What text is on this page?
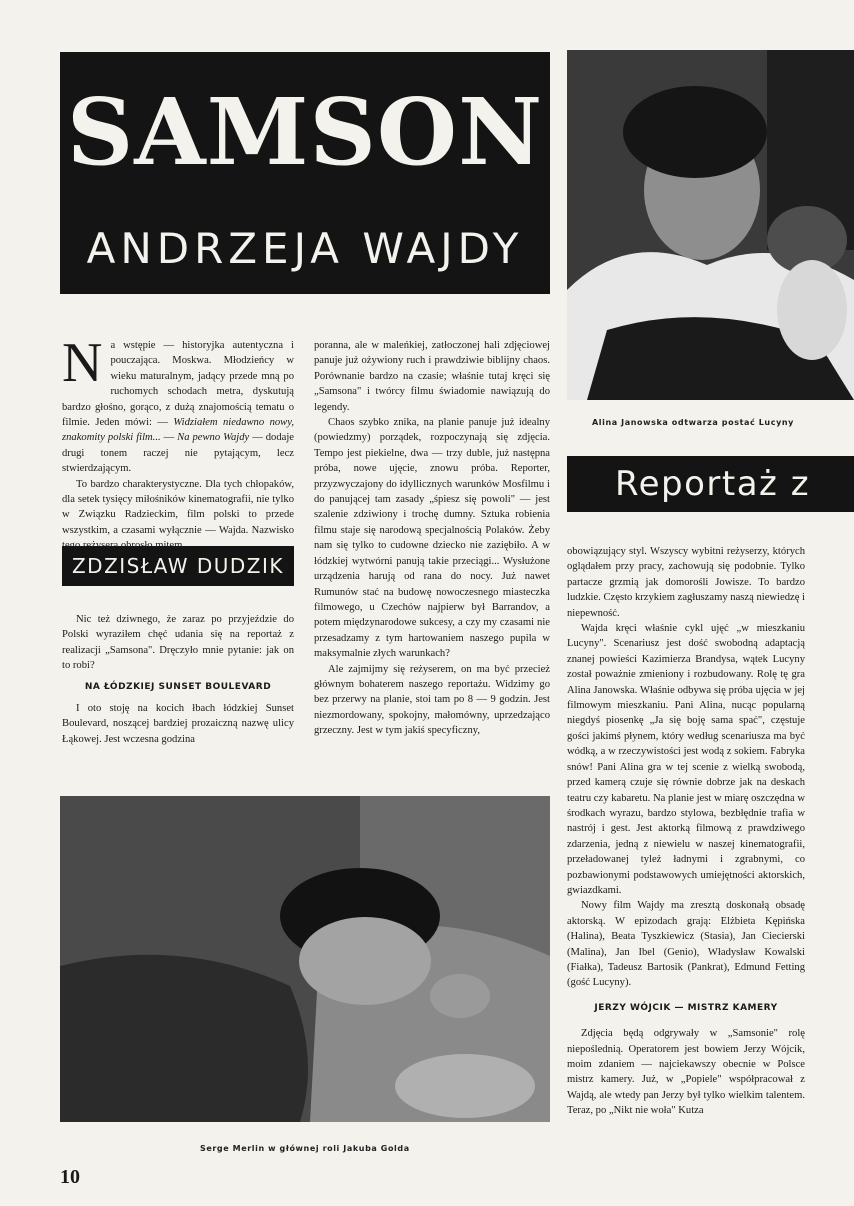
SAMSON
ANDRZEJA WAJDY
Alina Janowska odtwarza postać Lucyny
Reportaż z
N a wstępie — historyjka autentyczna i pouczająca. Moskwa. Młodzieńcy w wieku maturalnym, jadący przede mną po ruchomych schodach metra, dyskutują bardzo głośno, gorąco, z dużą znajomością tematu o filmie. Jeden mówi: — Widziałem niedawno nowy, znakomity polski film... — Na pewno Wajdy — dodaje drugi tonem raczej nie pytającym, lecz stwierdzającym.

To bardzo charakterystyczne. Dla tych chłopaków, dla setek tysięcy miłośników kinematografii, nie tylko w Związku Radzieckim, film polski to przede wszystkim, a czasami wyłącznie — Wajda. Nazwisko

ZDZISŁAW DUDZIK

Nic też dziwnego, że zaraz po przyjeździe do Polski wyraziłem chęć udania się na reportaż z realizacji „Samsona". Dręczyło mnie pytanie: jak on to robi?

NA ŁÓDZKIEJ SUNSET BOULEVARD

I oto stoję na kocich łbach łódzkiej Sunset Boulevard, noszącej bardziej prozaiczną nazwę ulicy Łąkowej. Jest wczesna godzina

poranna, ale w maleńkiej, zatłoczonej hali zdjęciowej panuje już ożywiony ruch i prawdziwie biblijny chaos. Porównanie bardzo na czasie; właśnie tutaj kręci się „Samsona" i twórcy filmu świadomie nawiązują do legendy.

Chaos szybko znika, na planie panuje już idealny (powiedzmy) porządek, rozpoczynają się zdjęcia. Tempo jest piekielne, dwa — trzy duble, już następna próba, nowe ujęcie, znowu próba. Reporter, przyzwyczajony do idyllicznych warunków Mosfilmu i do panującej tam zasady „śpiesz się powoli" — jest szalenie zdziwiony i trochę dumny. Sztuka robienia filmu staje się narodową specjalnością Polaków. Żeby nam się tylko to cudowne dziecko nie zaziębiło. A w łódzkiej wytwórni panują takie przeciągi... Wysłużone urządzenia harują od rana do nocy. Już nawet Rumunów stać na budowę nowoczesnego miasteczka filmowego, u Czechów najpierw był Barrandov, a potem międzynarodowe sukcesy, a czy my czasami nie przesadzamy z tym hartowaniem naszego pupila w maksymalnie złych warunkach?

Ale zajmijmy się reżyserem, on ma być przecież głównym bohaterem naszego reportażu. Widzimy go bez przerwy na planie, stoi tam po 8 — 9 godzin. Jest niezmordowany, spokojny, małomówny, uprzedzająco grzeczny. Jest w tym jakiś specyficzny,

Serge Merlin w głównej roli Jakuba Golda

obowiązujący styl. Wszyscy wybitni reżyserzy, których oglądałem przy pracy, zachowują się podobnie. Tylko partacze grzmią jak domorośli Jowisze. To bardzo ludzkie. Często krzykiem zagłuszamy naszą niewiedzę i niepewność.

Wajda kręci właśnie cykl ujęć „w mieszkaniu Lucyny". Scenariusz jest dość swobodną adaptacją znanej powieści Kazimierza Brandysa, wątek Lucyny został poważnie zmieniony i rozbudowany. Rolę tę gra Alina Janowska. Właśnie odbywa się próba ujęcia w jej filmowym mieszkaniu. Pani Alina, nucąc popularną niegdyś piosenkę „Ja się boję sama spać", częstuje gości jakimś płynem, który według scenariusza ma być wódką, a w rzeczywistości jest wodą z sokiem. Fabryka snów! Pani Alina gra w tej scenie z wielką swobodą, przed kamerą czuje się równie dobrze jak na deskach teatru czy kabaretu. Na planie jest w miarę oszczędna w środkach wyrazu, bardzo stylowa, bezbłędnie trafia w nastrój i gest. Jest aktorką filmową z prawdziwego zdarzenia, jedną z niewielu w naszej kinematografii, przeładowanej tyleż ładnymi i zgrabnymi, co pozbawionymi podstawowych umiejętności aktorskich, gwiazdkami.

Nowy film Wajdy ma zresztą doskonałą obsadę aktorską. W epizodach grają: Elżbieta Kępińska (Halina), Beata Tyszkiewicz (Stasia), Jan Ciecierski (Malina), Jan Ibel (Genio), Władysław Kowalski (Fiałka), Tadeusz Bartosik (Pankrat), Edmund Fetting (gość Lucyny).

JERZY WÓJCIK — MISTRZ KAMERY

Zdjęcia będą odgrywały w „Samsonie" rolę niepoślednią. Operatorem jest bowiem Jerzy Wójcik, moim zdaniem — najciekawszy obecnie w Polsce mistrz kamery. Już, w „Popiele" współpracował z Wajdą, ale wtedy pan Jerzy był tylko wielkim talentem. Teraz, po „Nikt nie woła" Kutza

10
